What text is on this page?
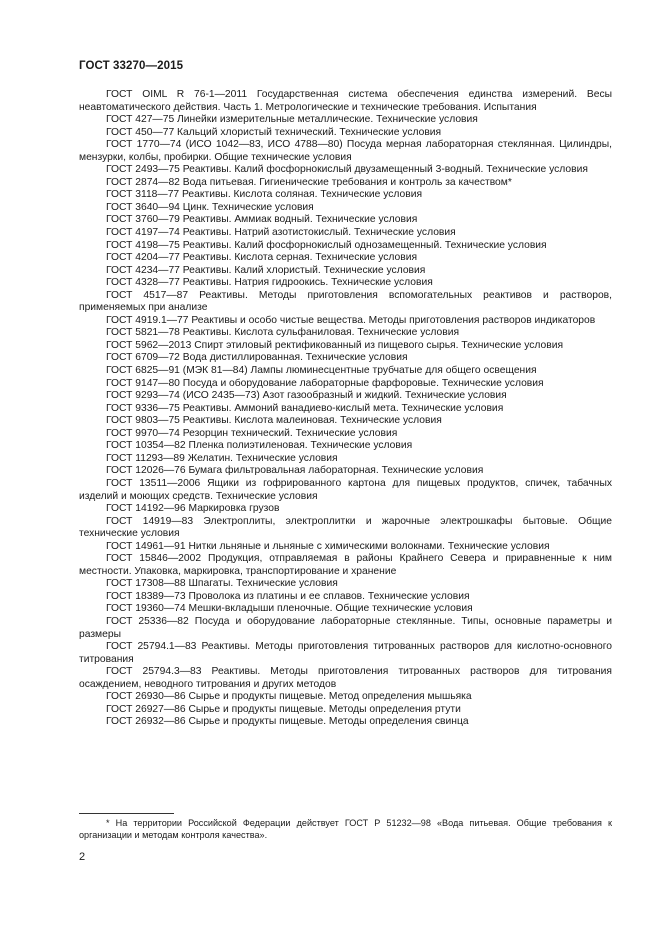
ГОСТ 33270—2015

ГОСТ OIML R 76-1—2011 Государственная система обеспечения единства измерений. Весы неавтоматического действия. Часть 1. Метрологические и технические требования. Испытания

ГОСТ 427—75 Линейки измерительные металлические. Технические условия

ГОСТ 450—77 Кальций хлористый технический. Технические условия

ГОСТ 1770—74 (ИСО 1042—83, ИСО 4788—80) Посуда мерная лабораторная стеклянная. Цилиндры, мензурки, колбы, пробирки. Общие технические условия

ГОСТ 2493—75 Реактивы. Калий фосфорнокислый двузамещенный 3-водный. Технические условия

ГОСТ 2874—82 Вода питьевая. Гигиенические требования и контроль за качеством*

ГОСТ 3118—77 Реактивы. Кислота соляная. Технические условия

ГОСТ 3640—94 Цинк. Технические условия

ГОСТ 3760—79 Реактивы. Аммиак водный. Технические условия

ГОСТ 4197—74 Реактивы. Натрий азотистокислый. Технические условия

ГОСТ 4198—75 Реактивы. Калий фосфорнокислый однозамещенный. Технические условия

ГОСТ 4204—77 Реактивы. Кислота серная. Технические условия

ГОСТ 4234—77 Реактивы. Калий хлористый. Технические условия

ГОСТ 4328—77 Реактивы. Натрия гидроокись. Технические условия

ГОСТ 4517—87 Реактивы. Методы приготовления вспомогательных реактивов и растворов, применяемых при анализе

ГОСТ 4919.1—77 Реактивы и особо чистые вещества. Методы приготовления растворов индикаторов

ГОСТ 5821—78 Реактивы. Кислота сульфаниловая. Технические условия

ГОСТ 5962—2013 Спирт этиловый ректификованный из пищевого сырья. Технические условия

ГОСТ 6709—72 Вода дистиллированная. Технические условия

ГОСТ 6825—91 (МЭК 81—84) Лампы люминесцентные трубчатые для общего освещения

ГОСТ 9147—80 Посуда и оборудование лабораторные фарфоровые. Технические условия

ГОСТ 9293—74 (ИСО 2435—73) Азот газообразный и жидкий. Технические условия

ГОСТ 9336—75 Реактивы. Аммоний ванадиево-кислый мета. Технические условия

ГОСТ 9803—75 Реактивы. Кислота малеиновая. Технические условия

ГОСТ 9970—74 Резорцин технический. Технические условия

ГОСТ 10354—82 Пленка полиэтиленовая. Технические условия

ГОСТ 11293—89 Желатин. Технические условия

ГОСТ 12026—76 Бумага фильтровальная лабораторная. Технические условия

ГОСТ 13511—2006 Ящики из гофрированного картона для пищевых продуктов, спичек, табачных изделий и моющих средств. Технические условия

ГОСТ 14192—96 Маркировка грузов

ГОСТ 14919—83 Электроплиты, электроплитки и жарочные электрошкафы бытовые. Общие технические условия

ГОСТ 14961—91 Нитки льняные и льняные с химическими волокнами. Технические условия

ГОСТ 15846—2002 Продукция, отправляемая в районы Крайнего Севера и приравненные к ним местности. Упаковка, маркировка, транспортирование и хранение

ГОСТ 17308—88 Шпагаты. Технические условия

ГОСТ 18389—73 Проволока из платины и ее сплавов. Технические условия

ГОСТ 19360—74 Мешки-вкладыши пленочные. Общие технические условия

ГОСТ 25336—82 Посуда и оборудование лабораторные стеклянные. Типы, основные параметры и размеры

ГОСТ 25794.1—83 Реактивы. Методы приготовления титрованных растворов для кислотно-основного титрования

ГОСТ 25794.3—83 Реактивы. Методы приготовления титрованных растворов для титрования осаждением, неводного титрования и других методов

ГОСТ 26930—86 Сырье и продукты пищевые. Метод определения мышьяка

ГОСТ 26927—86 Сырье и продукты пищевые. Методы определения ртути

ГОСТ 26932—86 Сырье и продукты пищевые. Методы определения свинца

* На территории Российской Федерации действует ГОСТ Р 51232—98 «Вода питьевая. Общие требования к организации и методам контроля качества».

2
